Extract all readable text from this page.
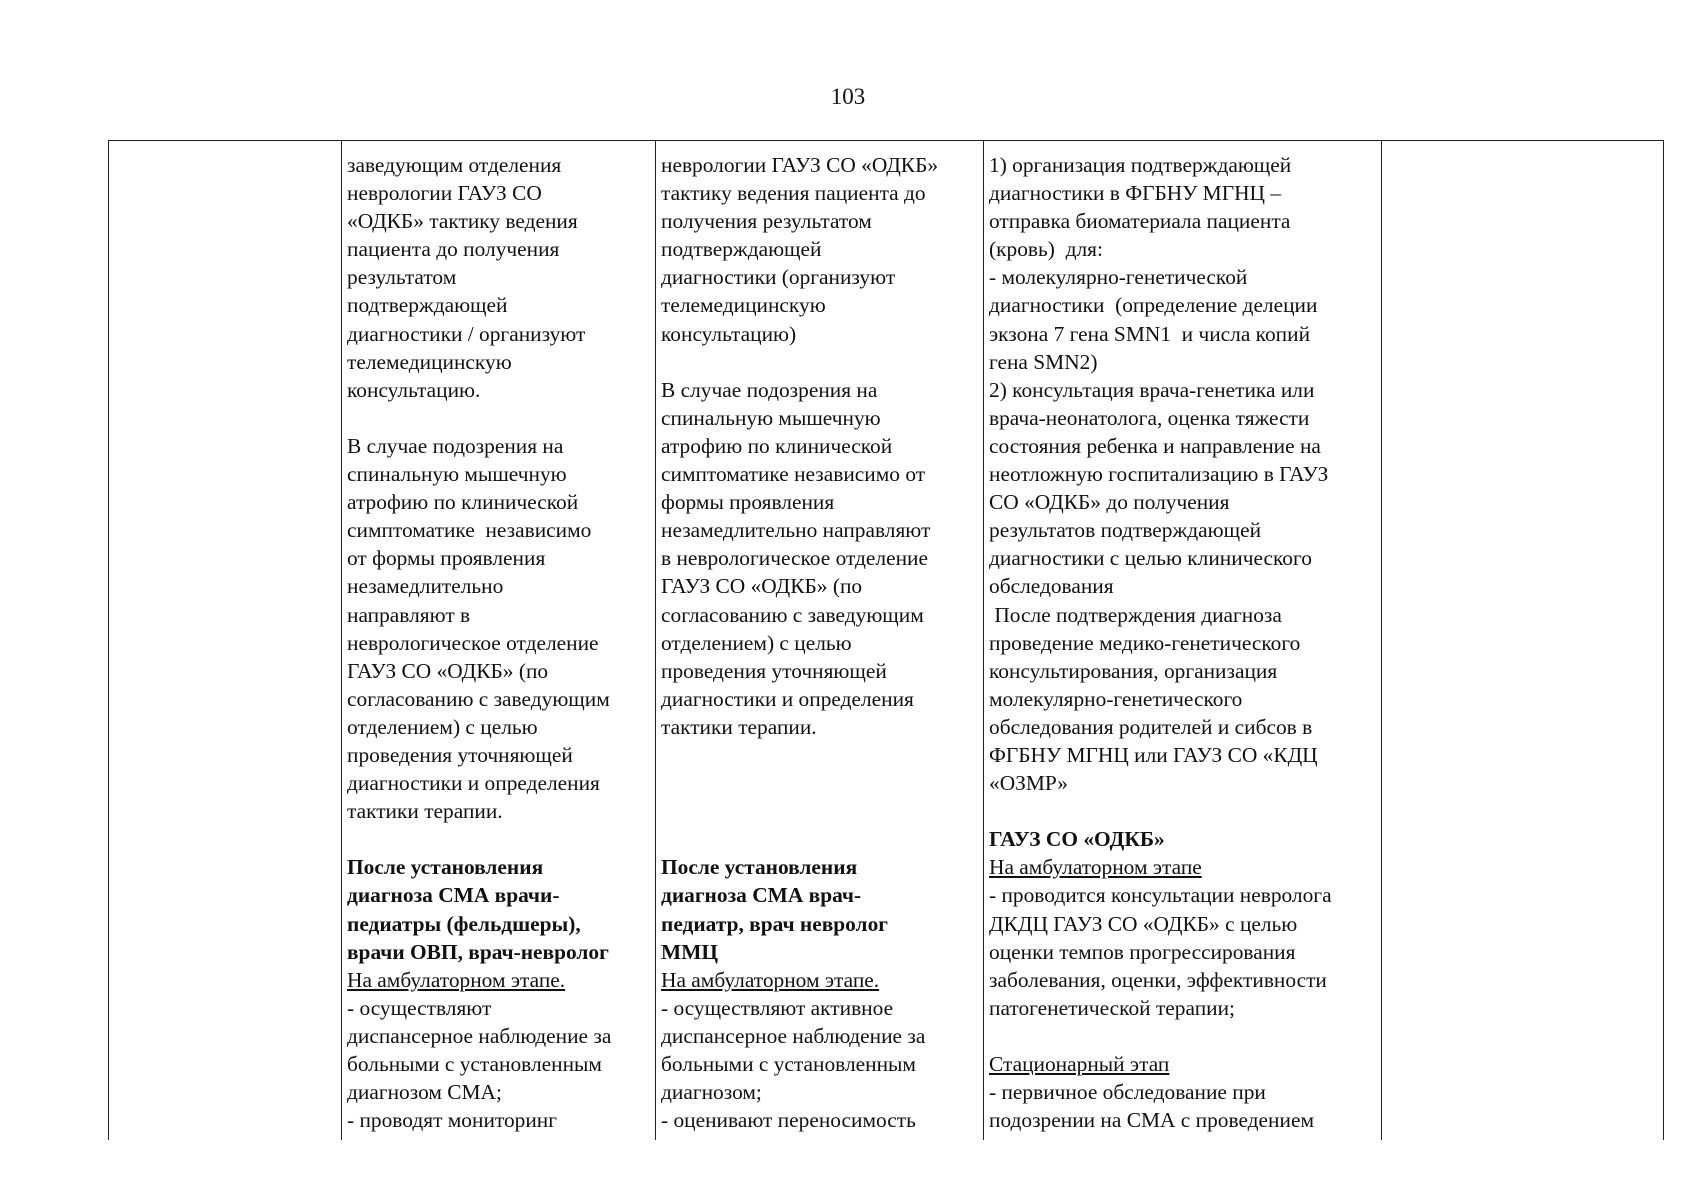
103

заведующим отделения

неврологии ГАУЗ СО

«ОДКБ» тактику ведения

пациента до получения

результатом

подтверждающей

диагностики / организуют

телемедицинскую

консультацию.

В случае подозрения на

спинальную мышечную

атрофию по клинической

симптоматике  независимо

от формы проявления

незамедлительно

направляют в

неврологическое отделение

ГАУЗ СО «ОДКБ» (по

согласованию с заведующим

отделением) с целью

проведения уточняющей

диагностики и определения

тактики терапии.

После установления

диагноза СМА врачи-

педиатры (фельдшеры),

врачи ОВП, врач-невролог

На амбулаторном этапе.

- осуществляют

диспансерное наблюдение за

больными с установленным

диагнозом СМА;

- проводят мониторинг

неврологии ГАУЗ СО «ОДКБ»

тактику ведения пациента до

получения результатом

подтверждающей

диагностики (организуют

телемедицинскую

консультацию)

В случае подозрения на

спинальную мышечную

атрофию по клинической

симптоматике независимо от

формы проявления

незамедлительно направляют

в неврологическое отделение

ГАУЗ СО «ОДКБ» (по

согласованию с заведующим

отделением) с целью

проведения уточняющей

диагностики и определения

тактики терапии.

После установления

диагноза СМА врач-

педиатр, врач невролог

ММЦ

На амбулаторном этапе.

- осуществляют активное

диспансерное наблюдение за

больными с установленным

диагнозом;

- оценивают переносимость

1) организация подтверждающей

диагностики в ФГБНУ МГНЦ –

отправка биоматериала пациента

(кровь)  для:

- молекулярно-генетической

диагностики  (определение делеции

экзона 7 гена SMN1  и числа копий

гена SMN2)

2) консультация врача-генетика или

врача-неонатолога, оценка тяжести

состояния ребенка и направление на

неотложную госпитализацию в ГАУЗ

СО «ОДКБ» до получения

результатов подтверждающей

диагностики с целью клинического

обследования

После подтверждения диагноза

проведение медико-генетического

консультирования, организация

молекулярно-генетического

обследования родителей и сибсов в

ФГБНУ МГНЦ или ГАУЗ СО «КДЦ

«ОЗМР»

ГАУЗ СО «ОДКБ»

На амбулаторном этапе

- проводится консультации невролога

ДКДЦ ГАУЗ СО «ОДКБ» с целью

оценки темпов прогрессирования

заболевания, оценки, эффективности

патогенетической терапии;

Стационарный этап

- первичное обследование при

подозрении на СМА с проведением
